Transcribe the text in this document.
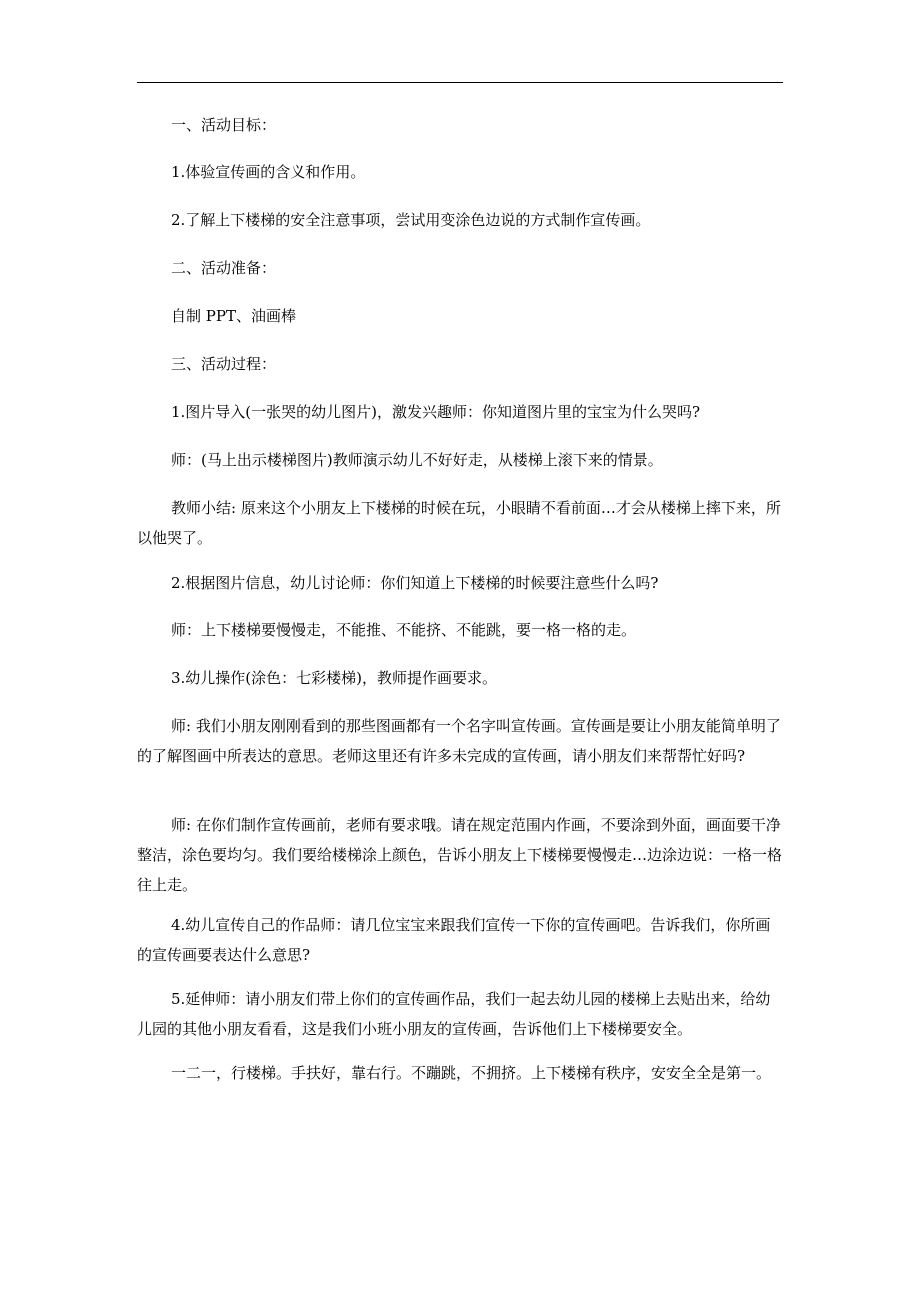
一、活动目标：

1.体验宣传画的含义和作用。

2.了解上下楼梯的安全注意事项，尝试用变涂色边说的方式制作宣传画。

二、活动准备：

自制 PPT、油画棒

三、活动过程：

1.图片导入(一张哭的幼儿图片)，激发兴趣师：你知道图片里的宝宝为什么哭吗?

师：(马上出示楼梯图片)教师演示幼儿不好好走，从楼梯上滚下来的情景。

教师小结: 原来这个小朋友上下楼梯的时候在玩，小眼睛不看前面…才会从楼梯上摔下来，所以他哭了。

2.根据图片信息，幼儿讨论师：你们知道上下楼梯的时候要注意些什么吗?

师：上下楼梯要慢慢走，不能推、不能挤、不能跳，要一格一格的走。

3.幼儿操作(涂色：七彩楼梯)，教师提作画要求。

师: 我们小朋友刚刚看到的那些图画都有一个名字叫宣传画。宣传画是要让小朋友能简单明了的了解图画中所表达的意思。老师这里还有许多未完成的宣传画，请小朋友们来帮帮忙好吗?

师: 在你们制作宣传画前，老师有要求哦。请在规定范围内作画，不要涂到外面，画面要干净整洁，涂色要均匀。我们要给楼梯涂上颜色，告诉小朋友上下楼梯要慢慢走…边涂边说：一格一格往上走。

4.幼儿宣传自己的作品师：请几位宝宝来跟我们宣传一下你的宣传画吧。告诉我们，你所画的宣传画要表达什么意思?

5.延伸师：请小朋友们带上你们的宣传画作品，我们一起去幼儿园的楼梯上去贴出来，给幼儿园的其他小朋友看看，这是我们小班小朋友的宣传画，告诉他们上下楼梯要安全。

一二一，行楼梯。手扶好，靠右行。不蹦跳，不拥挤。上下楼梯有秩序，安安全全是第一。
